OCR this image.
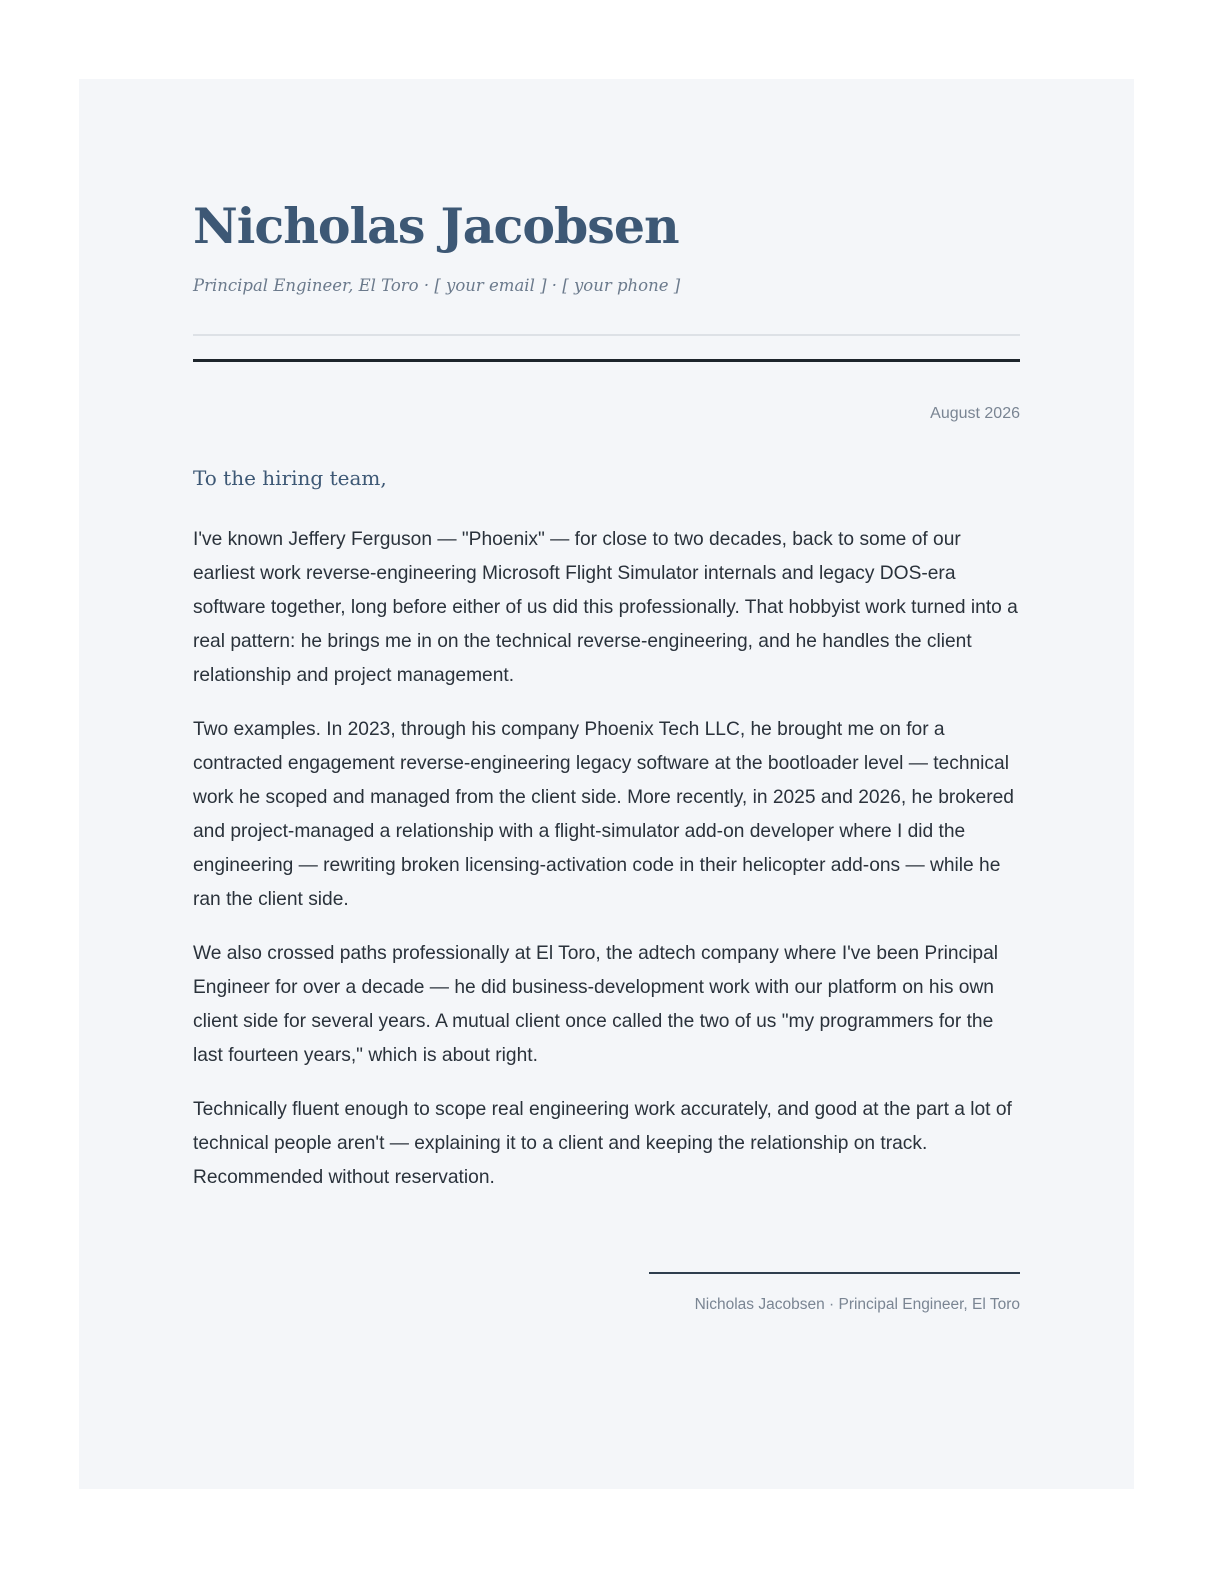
Nicholas Jacobsen
Principal Engineer, El Toro · [ your email ] · [ your phone ]
August 2026
To the hiring team,

I've known Jeffery Ferguson — "Phoenix" — for close to two decades, back to some of our earliest work reverse-engineering Microsoft Flight Simulator internals and legacy DOS-era software together, long before either of us did this professionally. That hobbyist work turned into a real pattern: he brings me in on the technical reverse-engineering, and he handles the client relationship and project management.

Two examples. In 2023, through his company Phoenix Tech LLC, he brought me on for a contracted engagement reverse-engineering legacy software at the bootloader level — technical work he scoped and managed from the client side. More recently, in 2025 and 2026, he brokered and project-managed a relationship with a flight-simulator add-on developer where I did the engineering — rewriting broken licensing-activation code in their helicopter add-ons — while he ran the client side.

We also crossed paths professionally at El Toro, the adtech company where I've been Principal Engineer for over a decade — he did business-development work with our platform on his own client side for several years. A mutual client once called the two of us "my programmers for the last fourteen years," which is about right.

Technically fluent enough to scope real engineering work accurately, and good at the part a lot of technical people aren't — explaining it to a client and keeping the relationship on track. Recommended without reservation.

Nicholas Jacobsen · Principal Engineer, El Toro
